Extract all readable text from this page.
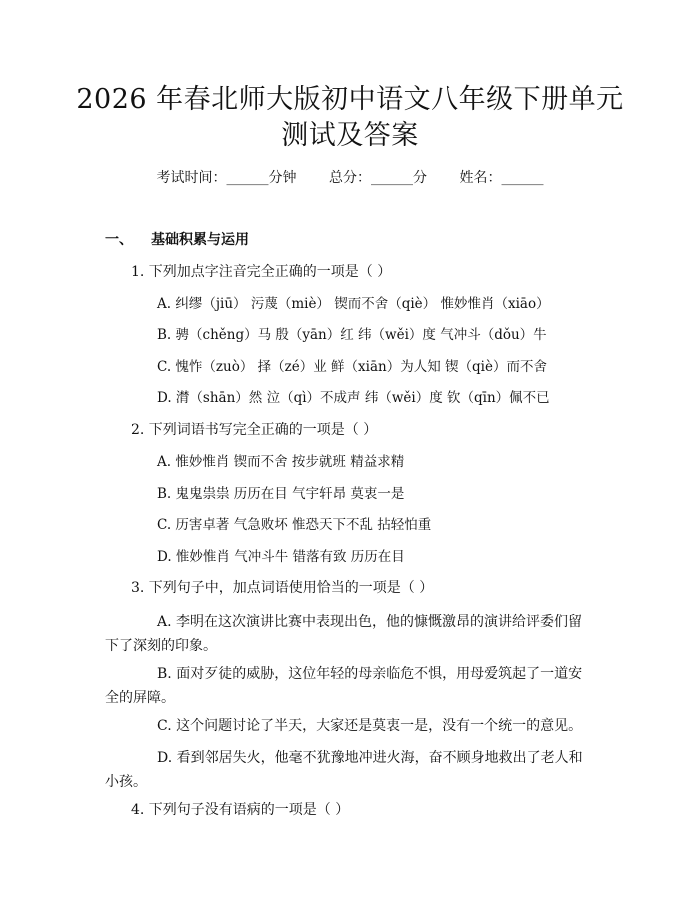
2026 年春北师大版初中语文八年级下册单元
测试及答案
考试时间：______分钟 总分：______分 姓名：______
一、 基础积累与运用
1. 下列加点字注音完全正确的一项是（ ）
A. 纠缪（jiū） 污蔑（miè） 锲而不舍（qiè） 惟妙惟肖（xiāo）
B. 骋（chěng）马 殷（yān）红 纬（wěi）度 气冲斗（dǒu）牛
C. 愧怍（zuò） 择（zé）业 鲜（xiān）为人知 锲（qiè）而不舍
D. 潸（shān）然 泣（qì）不成声 纬（wěi）度 钦（qīn）佩不已
2. 下列词语书写完全正确的一项是（ ）
A. 惟妙惟肖 锲而不舍 按步就班 精益求精
B. 鬼鬼祟祟 历历在目 气宇轩昂 莫衷一是
C. 历害卓著 气急败坏 惟恐天下不乱 拈轻怕重
D. 惟妙惟肖 气冲斗牛 错落有致 历历在目
3. 下列句子中，加点词语使用恰当的一项是（ ）
A. 李明在这次演讲比赛中表现出色，他的慷慨激昂的演讲给评委们留下了深刻的印象。
B. 面对歹徒的威胁，这位年轻的母亲临危不惧，用母爱筑起了一道安全的屏障。
C. 这个问题讨论了半天，大家还是莫衷一是，没有一个统一的意见。
D. 看到邻居失火，他毫不犹豫地冲进火海，奋不顾身地救出了老人和小孩。
4. 下列句子没有语病的一项是（ ）
